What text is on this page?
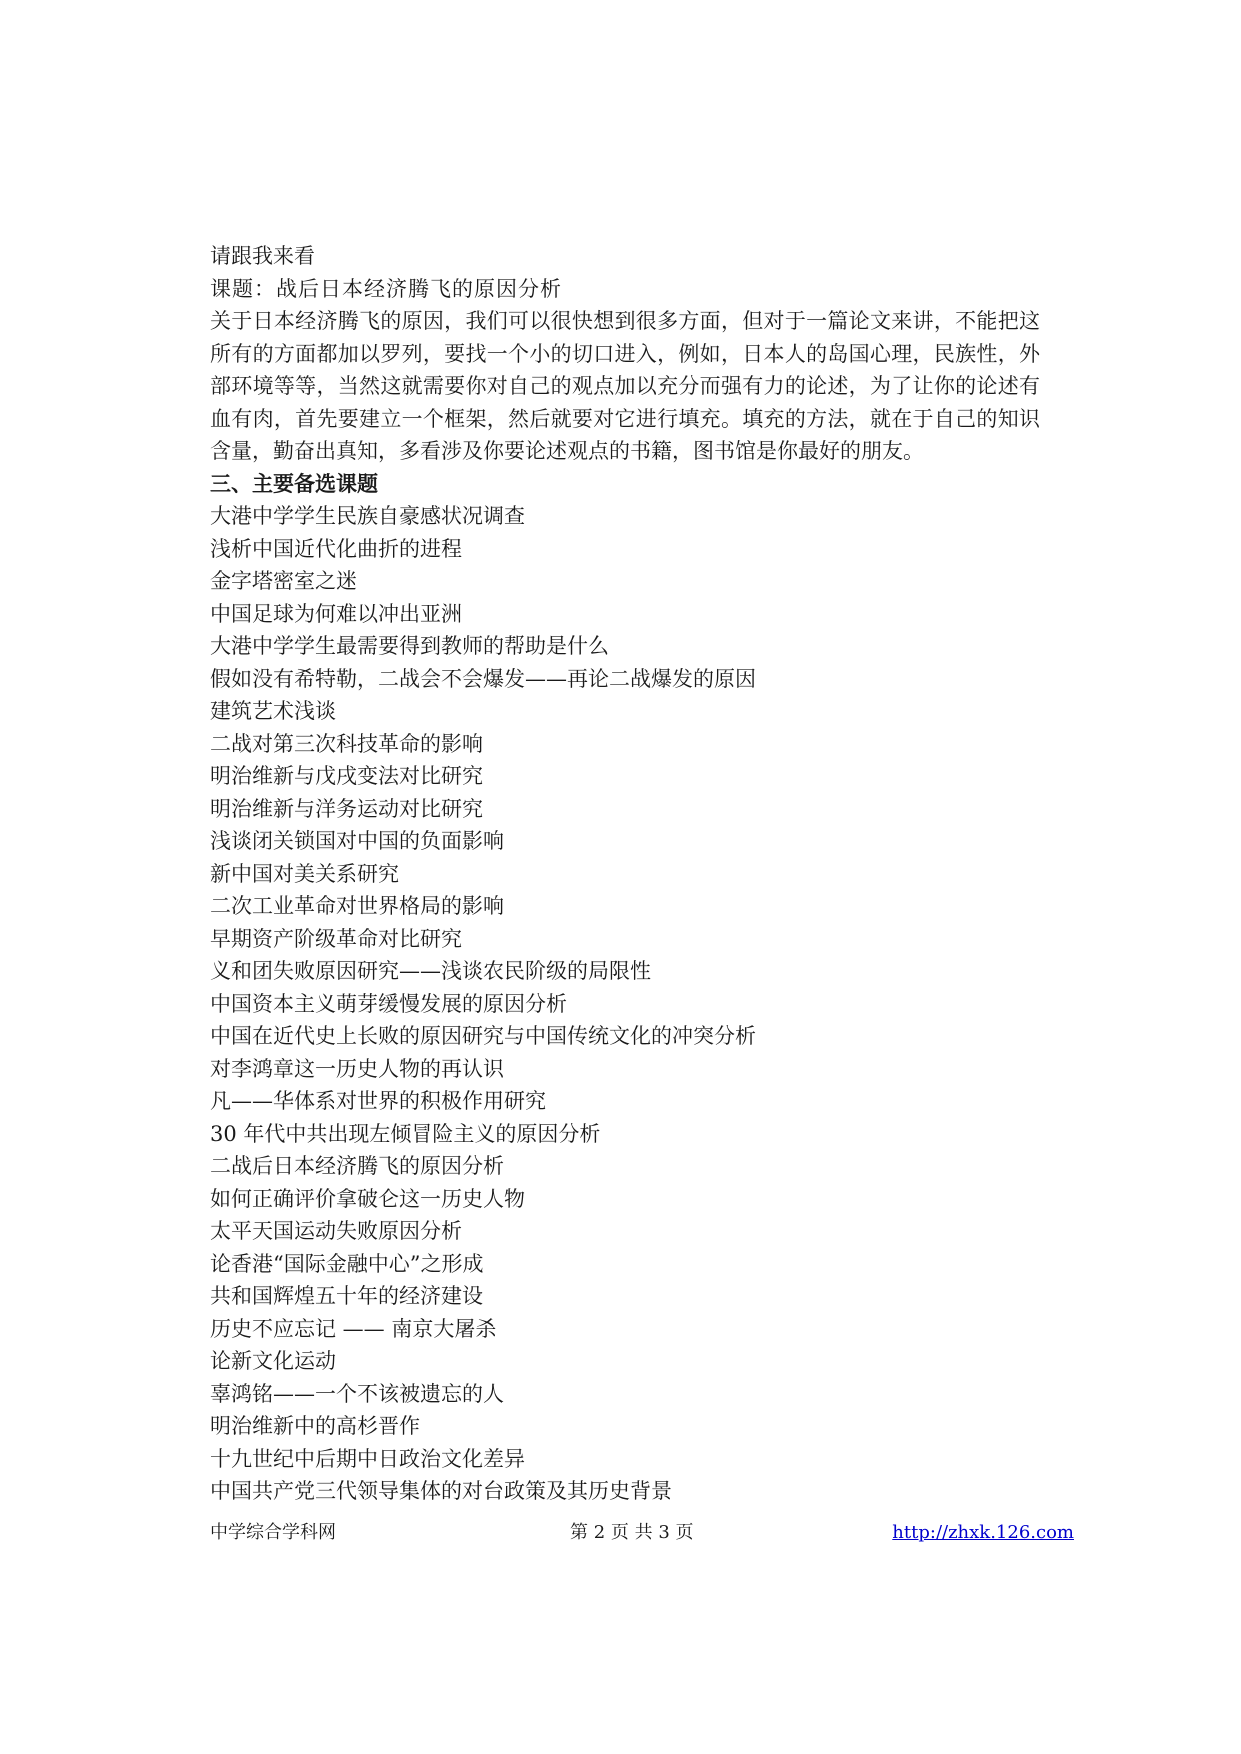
请跟我来看

课题：战后日本经济腾飞的原因分析

关于日本经济腾飞的原因，我们可以很快想到很多方面，但对于一篇论文来讲，不能把这所有的方面都加以罗列，要找一个小的切口进入，例如，日本人的岛国心理，民族性，外部环境等等，当然这就需要你对自己的观点加以充分而强有力的论述，为了让你的论述有血有肉，首先要建立一个框架，然后就要对它进行填充。填充的方法，就在于自己的知识含量，勤奋出真知，多看涉及你要论述观点的书籍，图书馆是你最好的朋友。

三、主要备选课题

大港中学学生民族自豪感状况调查
浅析中国近代化曲折的进程
金字塔密室之迷
中国足球为何难以冲出亚洲
大港中学学生最需要得到教师的帮助是什么
假如没有希特勒，二战会不会爆发——再论二战爆发的原因
建筑艺术浅谈
二战对第三次科技革命的影响
明治维新与戊戌变法对比研究
明治维新与洋务运动对比研究
浅谈闭关锁国对中国的负面影响
新中国对美关系研究
二次工业革命对世界格局的影响
早期资产阶级革命对比研究
义和团失败原因研究——浅谈农民阶级的局限性
中国资本主义萌芽缓慢发展的原因分析
中国在近代史上长败的原因研究与中国传统文化的冲突分析
对李鸿章这一历史人物的再认识
凡——华体系对世界的积极作用研究
30 年代中共出现左倾冒险主义的原因分析
二战后日本经济腾飞的原因分析
如何正确评价拿破仑这一历史人物
太平天国运动失败原因分析
论香港“国际金融中心”之形成
共和国辉煌五十年的经济建设
历史不应忘记 —— 南京大屠杀
论新文化运动
辜鸿铭——一个不该被遗忘的人
明治维新中的高杉晋作
十九世纪中后期中日政治文化差异
中国共产党三代领导集体的对台政策及其历史背景
中学综合学科网	第 2 页 共 3 页	http://zhxk.126.com
